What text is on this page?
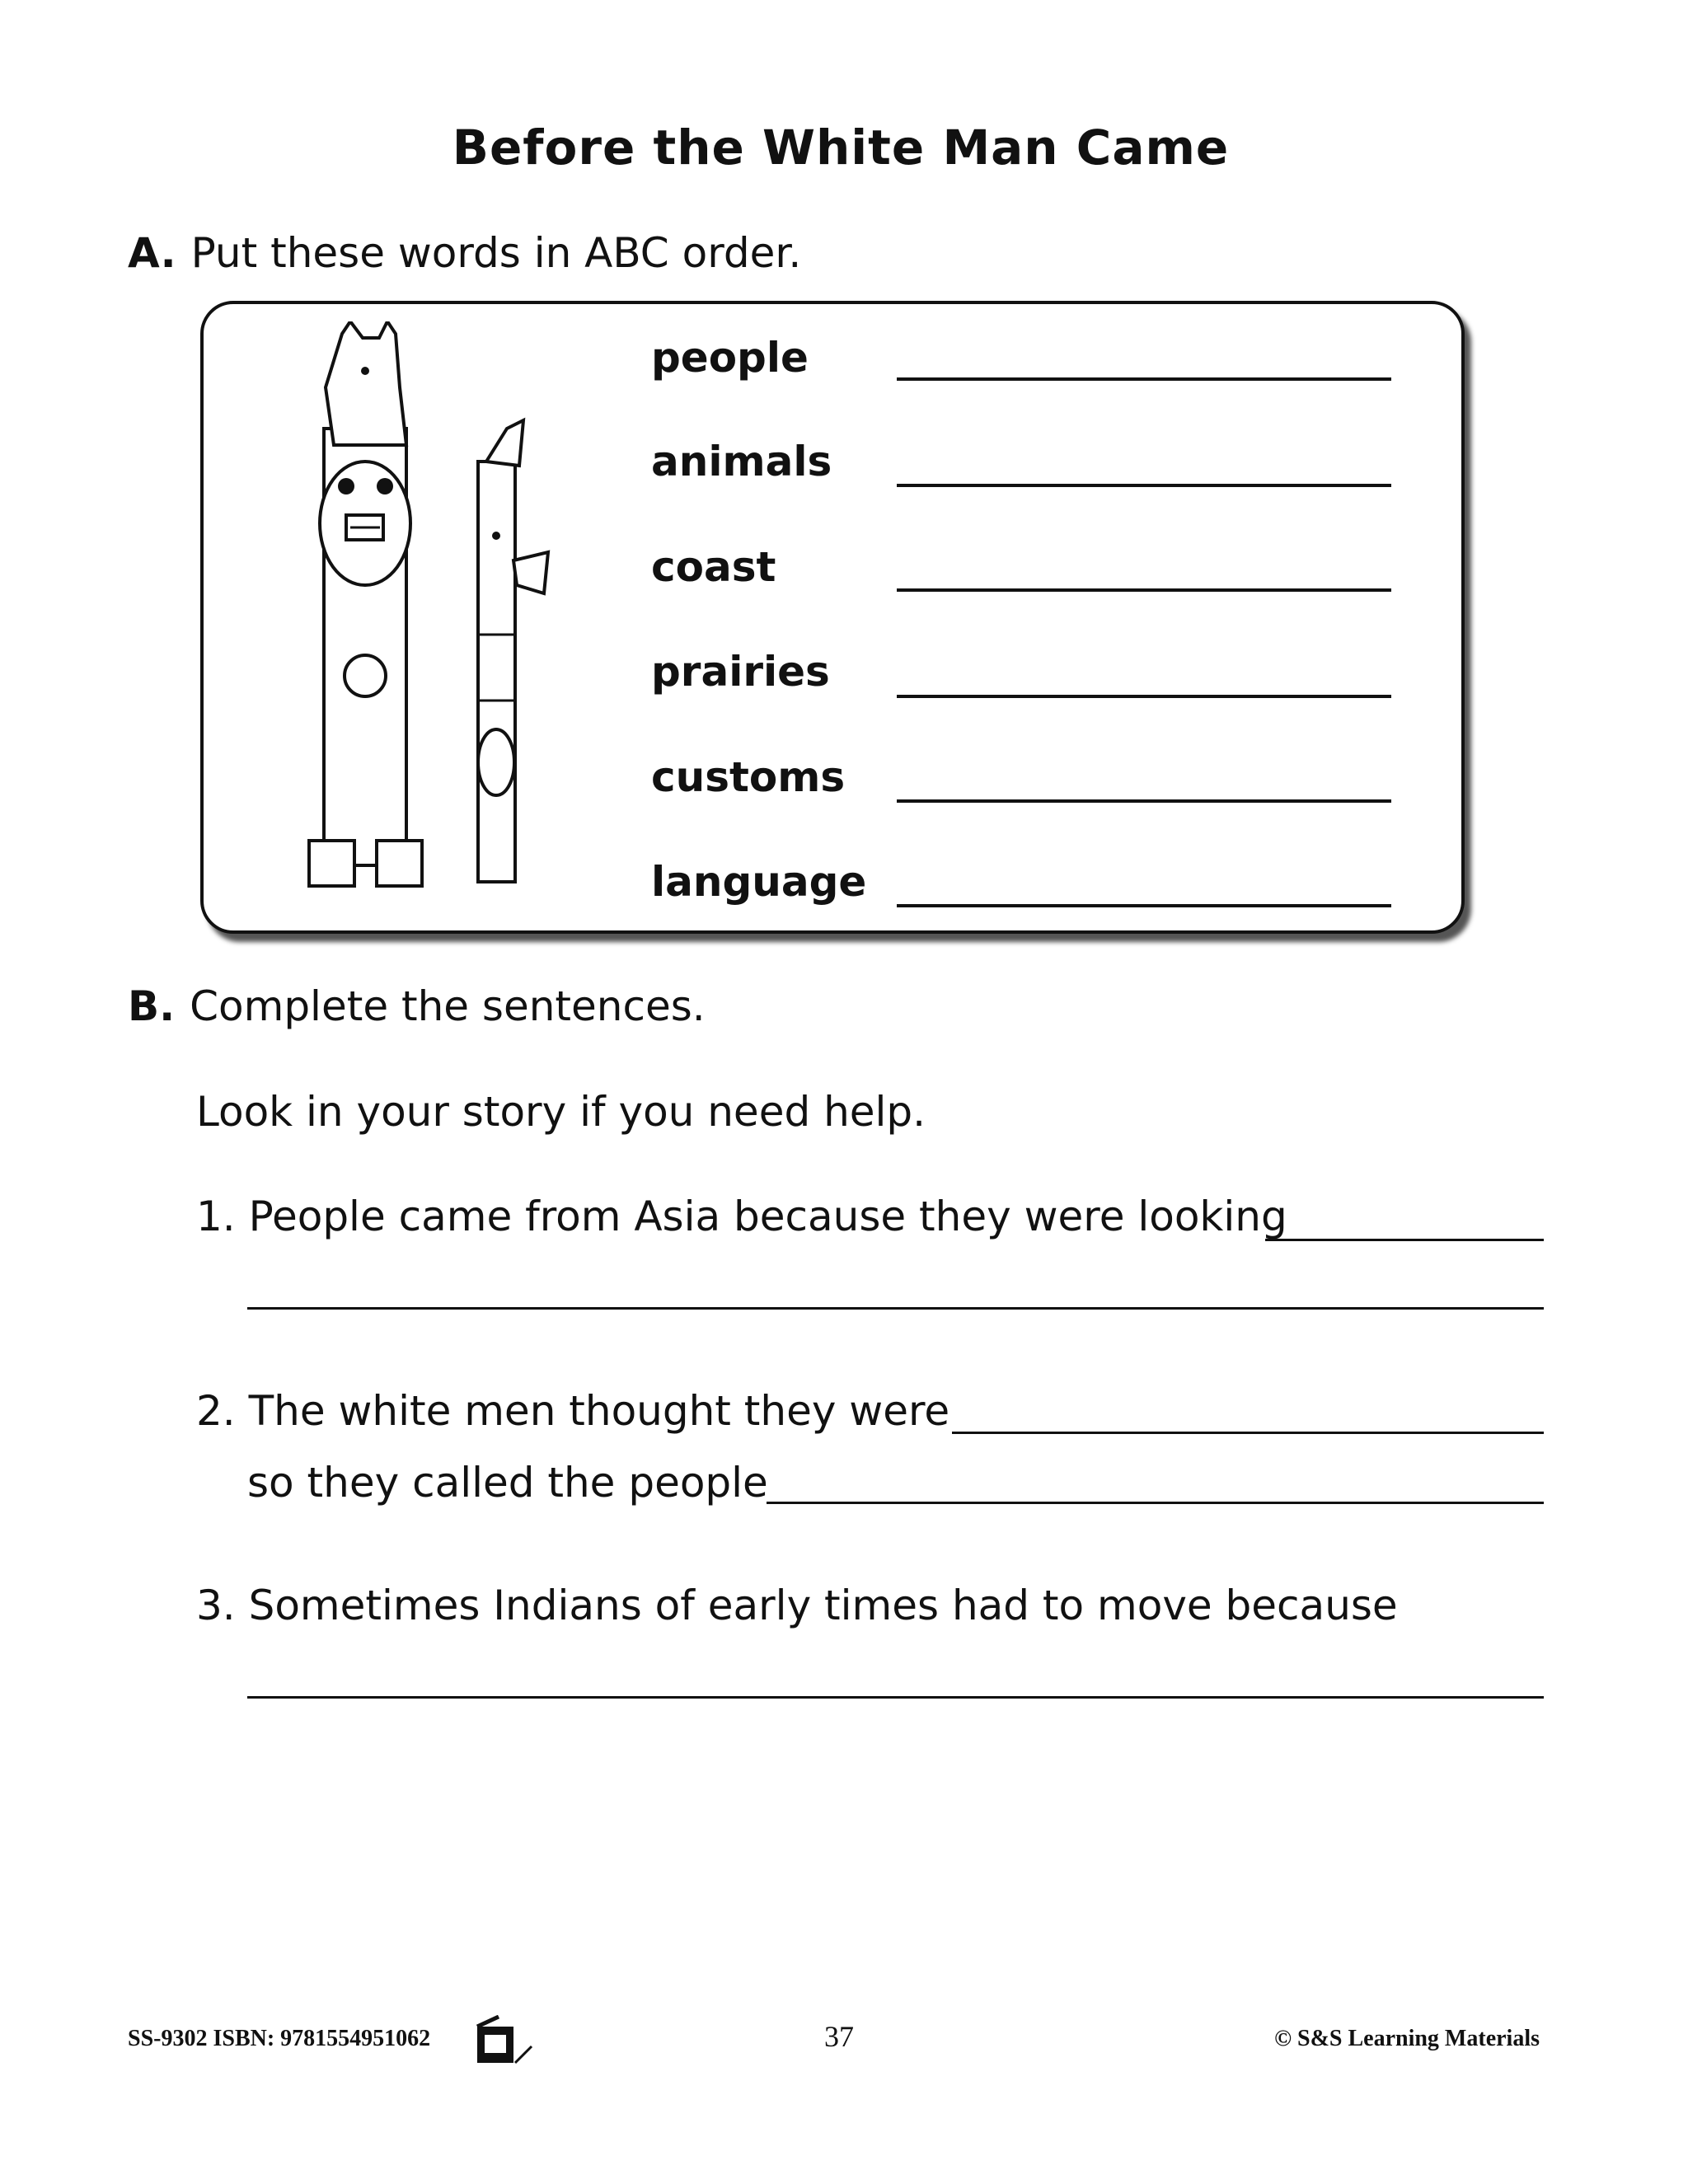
Before the White Man Came
A. Put these words in ABC order.
people
animals
coast
prairies
customs
language
B. Complete the sentences.
Look in your story if you need help.
1. People came from Asia because they were looking
2. The white men thought they were
so they called the people
3. Sometimes Indians of early times had to move because
SS-9302 ISBN: 9781554951062	37	© S&S Learning Materials
